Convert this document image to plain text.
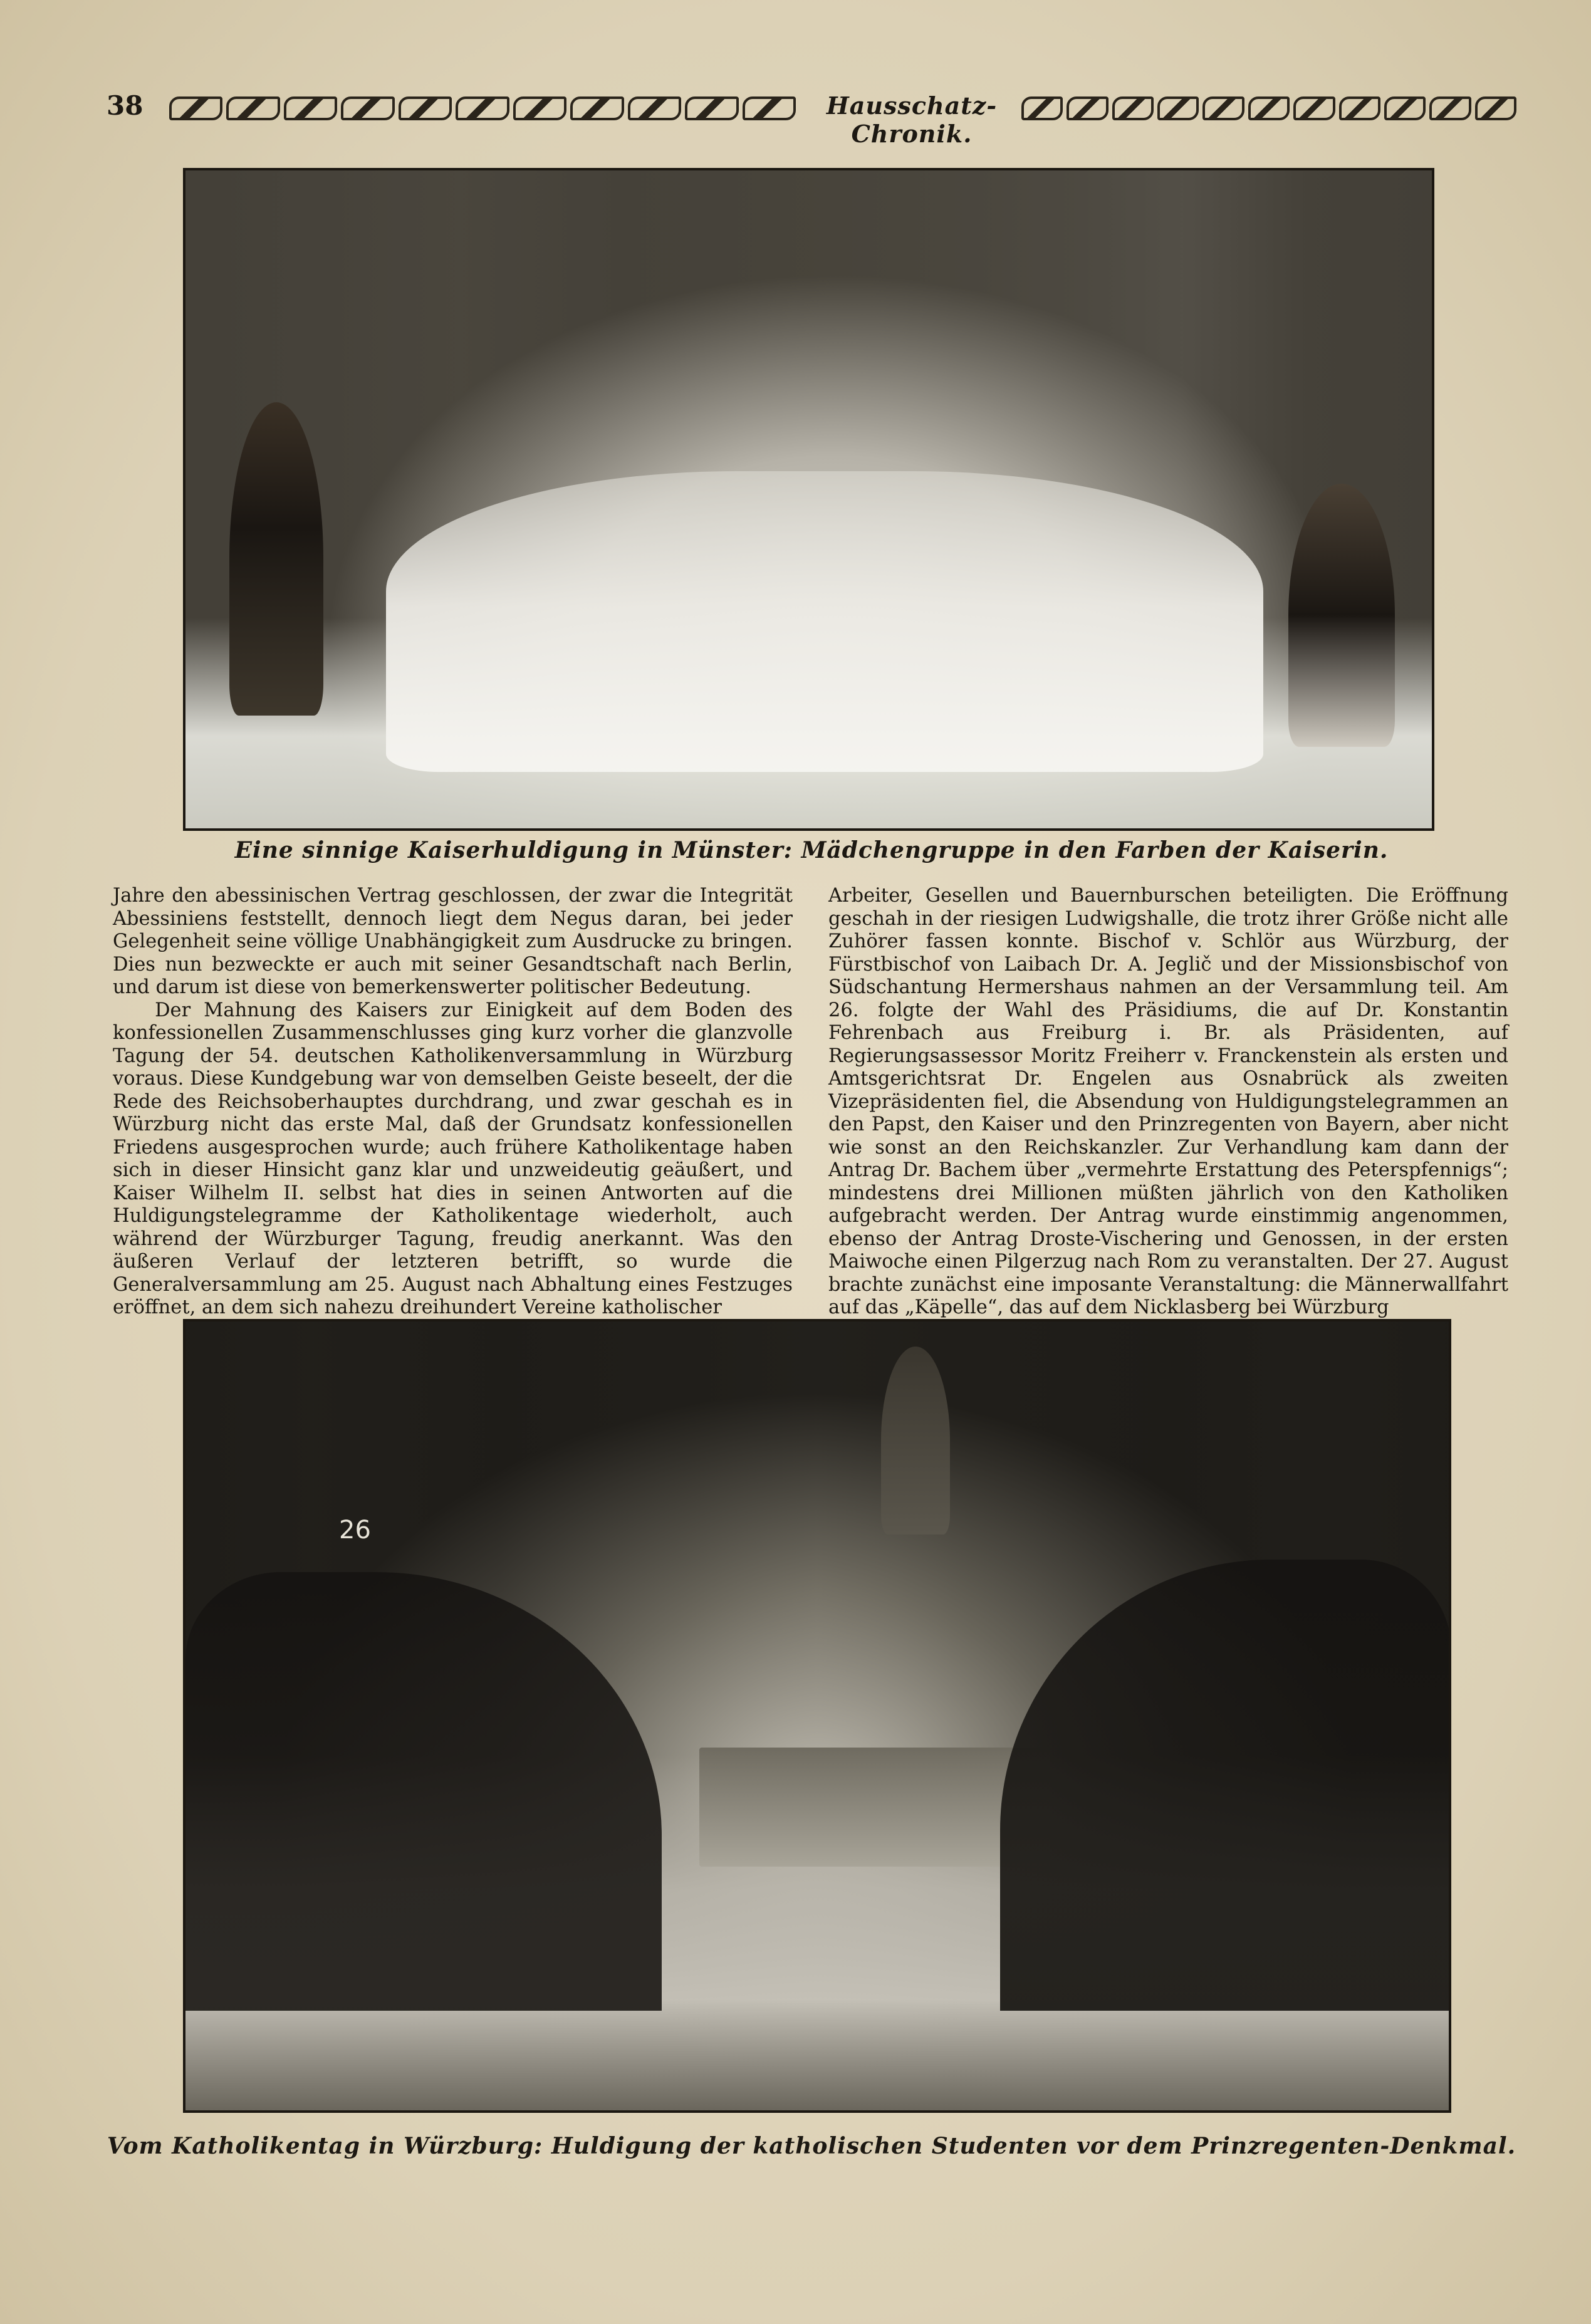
38	Hausschatz-Chronik.
Eine sinnige Kaiserhuldigung in Münster: Mädchengruppe in den Farben der Kaiserin.

Jahre den abessinischen Vertrag geschlossen, der zwar die Integrität Abessiniens feststellt, dennoch liegt dem Negus daran, bei jeder Gelegenheit seine völlige Unabhängigkeit zum Ausdrucke zu bringen. Dies nun bezweckte er auch mit seiner Gesandtschaft nach Berlin, und darum ist diese von bemerkenswerter politischer Bedeutung.

Der Mahnung des Kaisers zur Einigkeit auf dem Boden des konfessionellen Zusammenschlusses ging kurz vorher die glanzvolle Tagung der 54. deutschen Katholikenversammlung in Würzburg voraus. Diese Kundgebung war von demselben Geiste beseelt, der die Rede des Reichsoberhauptes durchdrang, und zwar geschah es in Würzburg nicht das erste Mal, daß der Grundsatz konfessionellen Friedens ausgesprochen wurde; auch frühere Katholikentage haben sich in dieser Hinsicht ganz klar und unzweideutig geäußert, und Kaiser Wilhelm II. selbst hat dies in seinen Antworten auf die Huldigungstelegramme der Katholikentage wiederholt, auch während der Würzburger Tagung, freudig anerkannt. Was den äußeren Verlauf der letzteren betrifft, so wurde die Generalversammlung am 25. August nach Abhaltung eines Festzuges eröffnet, an dem sich nahezu dreihundert Vereine katholischer

Arbeiter, Gesellen und Bauernburschen beteiligten. Die Eröffnung geschah in der riesigen Ludwigshalle, die trotz ihrer Größe nicht alle Zuhörer fassen konnte. Bischof v. Schlör aus Würzburg, der Fürstbischof von Laibach Dr. A. Jeglič und der Missionsbischof von Südschantung Hermershaus nahmen an der Versammlung teil. Am 26. folgte der Wahl des Präsidiums, die auf Dr. Konstantin Fehrenbach aus Freiburg i. Br. als Präsidenten, auf Regierungsassessor Moritz Freiherr v. Franckenstein als ersten und Amtsgerichtsrat Dr. Engelen aus Osnabrück als zweiten Vizepräsidenten fiel, die Absendung von Huldigungstelegrammen an den Papst, den Kaiser und den Prinzregenten von Bayern, aber nicht wie sonst an den Reichskanzler. Zur Verhandlung kam dann der Antrag Dr. Bachem über „vermehrte Erstattung des Peterspfennigs“; mindestens drei Millionen müßten jährlich von den Katholiken aufgebracht werden. Der Antrag wurde einstimmig angenommen, ebenso der Antrag Droste-Vischering und Genossen, in der ersten Maiwoche einen Pilgerzug nach Rom zu veranstalten. Der 27. August brachte zunächst eine imposante Veranstaltung: die Männerwallfahrt auf das „Käpelle“, das auf dem Nicklasberg bei Würzburg

26
Vom Katholikentag in Würzburg: Huldigung der katholischen Studenten vor dem Prinzregenten-Denkmal.
